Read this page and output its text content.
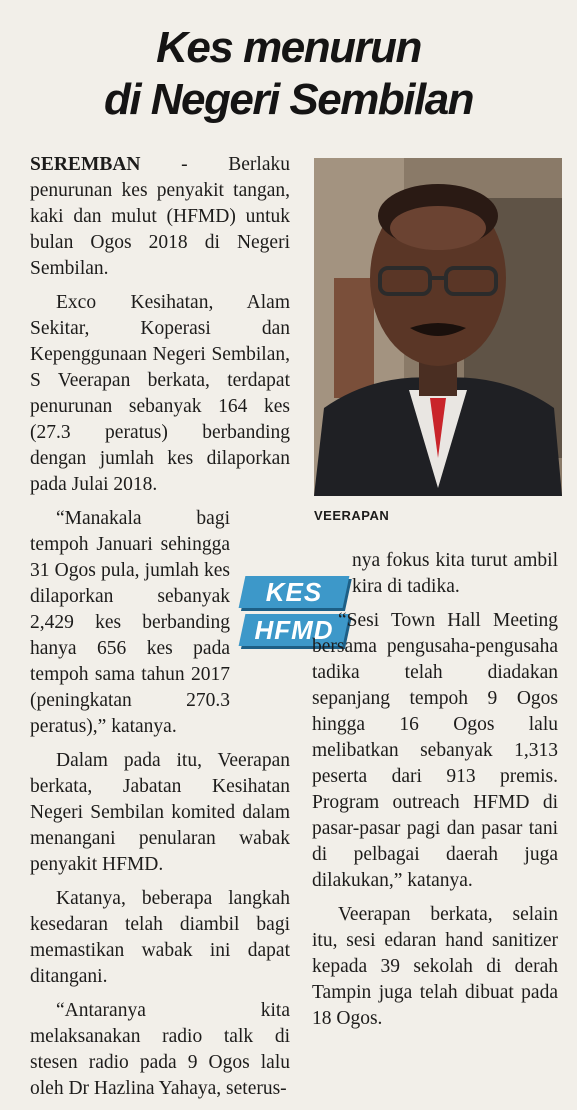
Kes menurun
di Negeri Sembilan

SEREMBAN - Berlaku penurunan kes penyakit tangan, kaki dan mulut (HFMD) untuk bulan Ogos 2018 di Negeri Sembilan.

Exco Kesihatan, Alam Sekitar, Koperasi dan Kepenggunaan Negeri Sembilan, S Veerapan berkata, terdapat penurunan sebanyak 164 kes (27.3 peratus) berbanding dengan jumlah kes dilaporkan pada Julai 2018.

“Manakala bagi tempoh Januari sehingga 31 Ogos pula, jumlah kes dilaporkan sebanyak 2,429 kes berbanding hanya 656 kes pada tempoh sama tahun 2017 (peningkatan 270.3 peratus),” katanya.

Dalam pada itu, Veerapan berkata, Jabatan Kesihatan Negeri Sembilan komited dalam menangani penularan wabak penyakit HFMD.

Katanya, beberapa langkah kesedaran telah diambil bagi memastikan wabak ini dapat ditangani.

“Antaranya kita melaksanakan radio talk di stesen radio pada 9 Ogos lalu oleh Dr Hazlina Yahaya, seterus-

VEERAPAN
KES
HFMD

nya fokus kita turut ambil kira di tadika.

“Sesi Town Hall Meeting bersama pengusaha-pengusaha tadika telah diadakan sepanjang tempoh 9 Ogos hingga 16 Ogos lalu melibatkan sebanyak 1,313 peserta dari 913 premis. Program outreach HFMD di pasar-pasar pagi dan pasar tani di pelbagai daerah juga dilakukan,” katanya.

Veerapan berkata, selain itu, sesi edaran hand sanitizer kepada 39 sekolah di derah Tampin juga telah dibuat pada 18 Ogos.
